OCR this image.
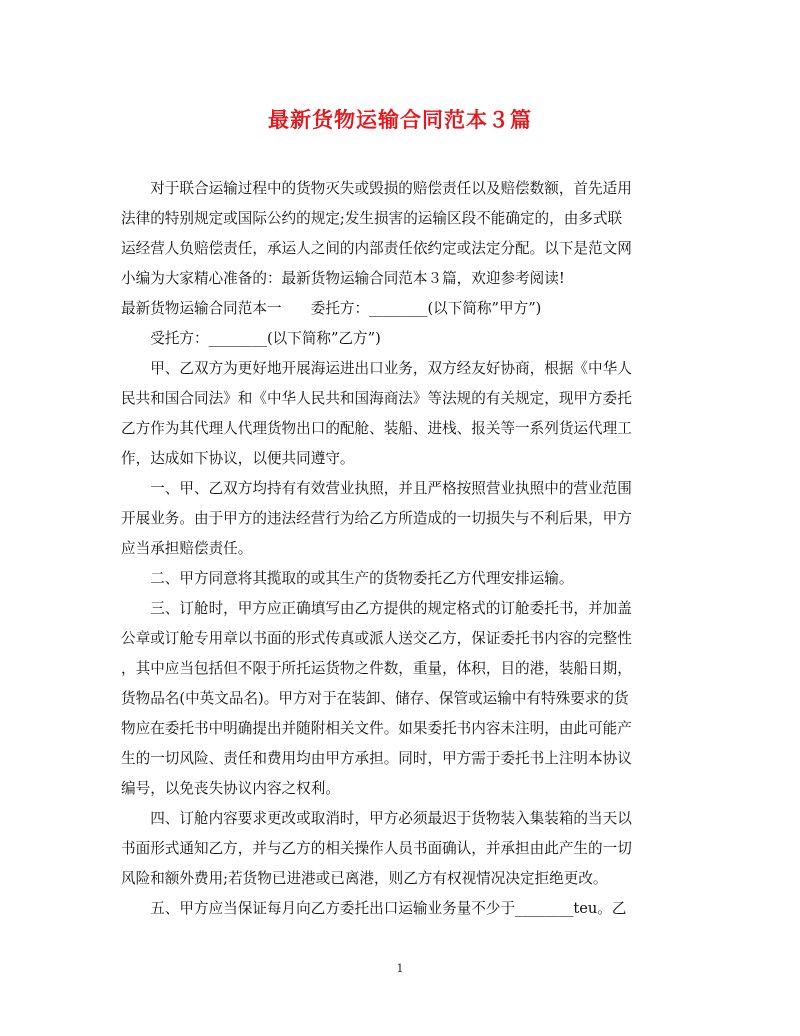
最新货物运输合同范本３篇
　　对于联合运输过程中的货物灭失或毁损的赔偿责任以及赔偿数额，首先适用
法律的特别规定或国际公约的规定;发生损害的运输区段不能确定的，由多式联
运经营人负赔偿责任，承运人之间的内部责任依约定或法定分配。以下是范文网
小编为大家精心准备的：最新货物运输合同范本３篇，欢迎参考阅读!
最新货物运输合同范本一　　委托方：________(以下简称”甲方”)
　　受托方：________(以下简称”乙方”)
　　甲、乙双方为更好地开展海运进出口业务，双方经友好协商，根据《中华人
民共和国合同法》和《中华人民共和国海商法》等法规的有关规定，现甲方委托
乙方作为其代理人代理货物出口的配舱、装船、进栈、报关等一系列货运代理工
作，达成如下协议，以便共同遵守。
　　一、甲、乙双方均持有有效营业执照，并且严格按照营业执照中的营业范围
开展业务。由于甲方的违法经营行为给乙方所造成的一切损失与不利后果，甲方
应当承担赔偿责任。
　　二、甲方同意将其揽取的或其生产的货物委托乙方代理安排运输。
　　三、订舱时，甲方应正确填写由乙方提供的规定格式的订舱委托书，并加盖
公章或订舱专用章以书面的形式传真或派人送交乙方，保证委托书内容的完整性
，其中应当包括但不限于所托运货物之件数，重量，体积，目的港，装船日期，
货物品名(中英文品名)。甲方对于在装卸、储存、保管或运输中有特殊要求的货
物应在委托书中明确提出并随附相关文件。如果委托书内容未注明，由此可能产
生的一切风险、责任和费用均由甲方承担。同时，甲方需于委托书上注明本协议
编号，以免丧失协议内容之权利。
　　四、订舱内容要求更改或取消时，甲方必须最迟于货物装入集装箱的当天以
书面形式通知乙方，并与乙方的相关操作人员书面确认，并承担由此产生的一切
风险和额外费用;若货物已进港或已离港，则乙方有权视情况决定拒绝更改。
　　五、甲方应当保证每月向乙方委托出口运输业务量不少于________teu。乙
1
